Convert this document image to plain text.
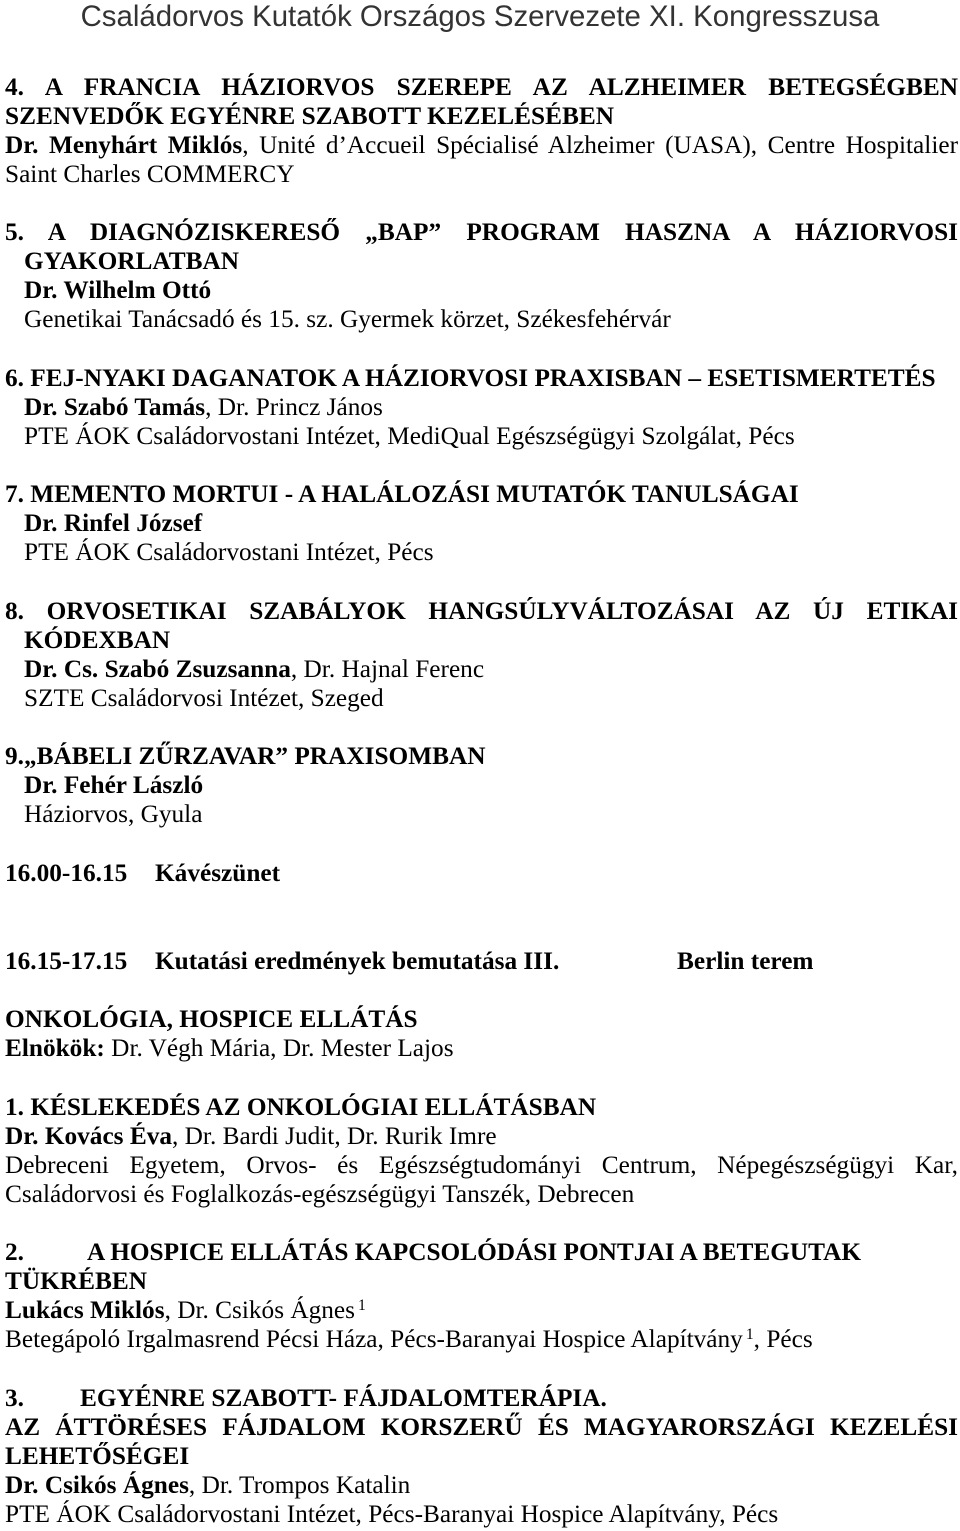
Családorvos Kutatók Országos Szervezete XI. Kongresszusa
4. A FRANCIA HÁZIORVOS SZEREPE AZ ALZHEIMER BETEGSÉGBEN SZENVEDŐK EGYÉNRE SZABOTT KEZELÉSÉBEN
Dr. Menyhárt Miklós, Unité d’Accueil Spécialisé Alzheimer (UASA), Centre Hospitalier Saint Charles COMMERCY
5. A DIAGNÓZISKERESŐ „BAP” PROGRAM HASZNA A HÁZIORVOSI GYAKORLATBAN
Dr. Wilhelm Ottó
Genetikai Tanácsadó és 15. sz. Gyermek körzet, Székesfehérvár
6. FEJ-NYAKI DAGANATOK A HÁZIORVOSI PRAXISBAN – ESETISMERTETÉS
Dr. Szabó Tamás, Dr. Princz János
PTE ÁOK Családorvostani Intézet, MediQual Egészségügyi Szolgálat, Pécs
7. MEMENTO MORTUI - A HALÁLOZÁSI MUTATÓK TANULSÁGAI
Dr. Rinfel József
PTE ÁOK Családorvostani Intézet, Pécs
8. ORVOSETIKAI SZABÁLYOK HANGSÚLYVÁLTOZÁSAI AZ ÚJ ETIKAI KÓDEXBAN
Dr. Cs. Szabó Zsuzsanna, Dr. Hajnal Ferenc
SZTE Családorvosi Intézet, Szeged
9.„BÁBELI ZŰRZAVAR” PRAXISOMBAN
Dr. Fehér László
Háziorvos, Gyula
16.00-16.15 Kávészünet
16.15-17.15 Kutatási eredmények bemutatása III.	Berlin terem
ONKOLÓGIA, HOSPICE ELLÁTÁS
Elnökök: Dr. Végh Mária, Dr. Mester Lajos
1. KÉSLEKEDÉS AZ ONKOLÓGIAI ELLÁTÁSBAN
Dr. Kovács Éva, Dr. Bardi Judit, Dr. Rurik Imre
Debreceni Egyetem, Orvos- és Egészségtudományi Centrum, Népegészségügyi Kar, Családorvosi és Foglalkozás-egészségügyi Tanszék, Debrecen
2. A HOSPICE ELLÁTÁS KAPCSOLÓDÁSI PONTJAI A BETEGUTAK TÜKRÉBEN
Lukács Miklós, Dr. Csikós Ágnes $^1$
Betegápoló Irgalmasrend Pécsi Háza, Pécs-Baranyai Hospice Alapítvány $^1$, Pécs
3. EGYÉNRE SZABOTT- FÁJDALOMTERÁPIA.
AZ ÁTTÖRÉSES FÁJDALOM KORSZERŰ ÉS MAGYARORSZÁGI KEZELÉSI LEHETŐSÉGEI
Dr. Csikós Ágnes, Dr. Trompos Katalin
PTE ÁOK Családorvostani Intézet, Pécs-Baranyai Hospice Alapítvány, Pécs
